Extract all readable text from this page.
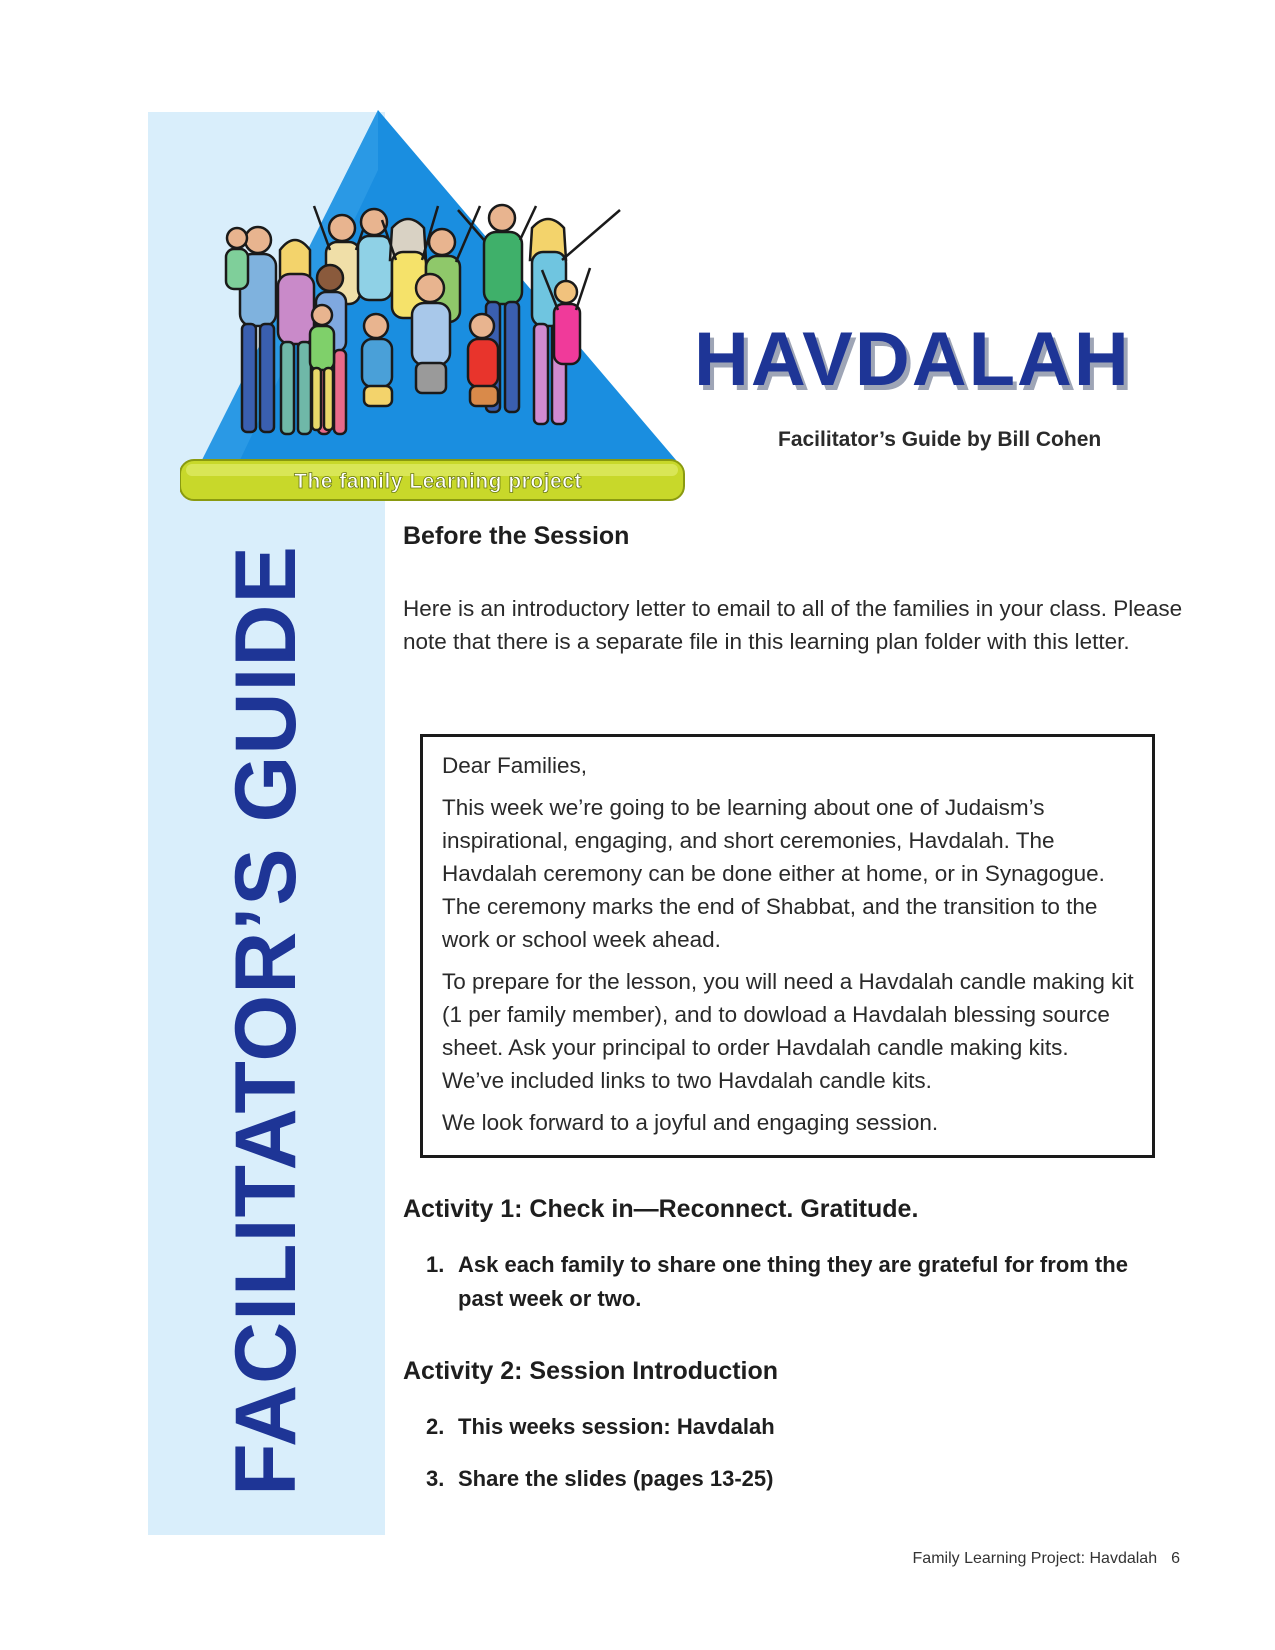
FACILITATOR’S GUIDE
The family Learning project
HAVDALAH

Facilitator’s Guide by Bill Cohen

Before the Session

Here is an introductory letter to email to all of the families in your class. Please note that there is a separate file in this learning plan folder with this letter.

Dear Families,

This week we’re going to be learning about one of Judaism’s inspirational, engaging, and short ceremonies, Havdalah. The Havdalah ceremony can be done either at home, or in Synagogue. The ceremony marks the end of Shabbat, and the transition to the work or school week ahead.

To prepare for the lesson, you will need a Havdalah candle making kit (1 per family member), and to dowload a Havdalah blessing source sheet. Ask your principal to order Havdalah candle making kits. We’ve included links to two Havdalah candle kits.

We look forward to a joyful and engaging session.

Activity 1: Check in—Reconnect. Gratitude.
1. Ask each family to share one thing they are grateful for from the past week or two.
Activity 2: Session Introduction
2. This weeks session: Havdalah
3. Share the slides (pages 13-25)
Family Learning Project: Havdalah 6
